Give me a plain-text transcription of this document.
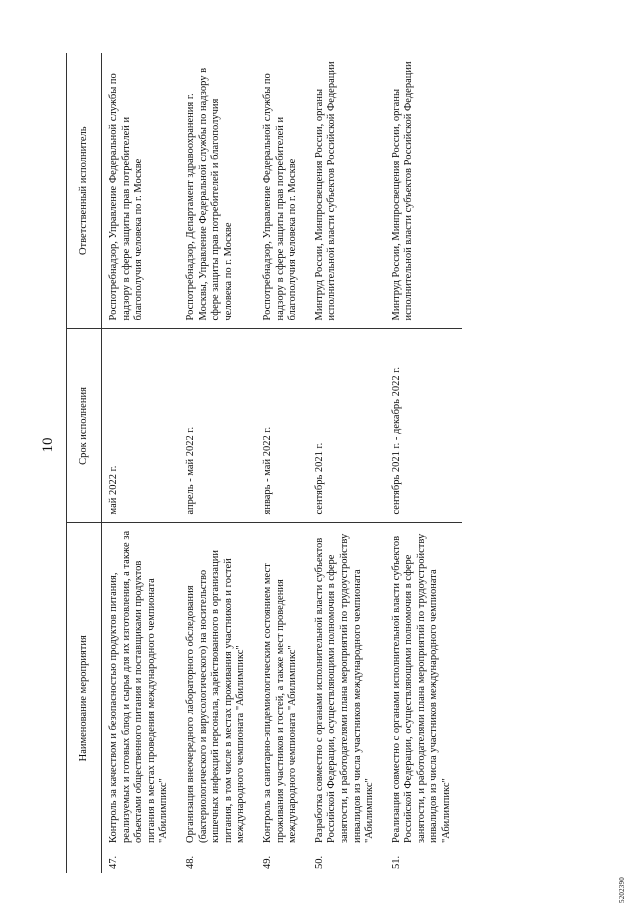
10
Наименование мероприятия	Срок исполнения	Ответственный исполнитель

47.
Контроль за качеством и безопасностью продуктов питания, реализуемых и готовых блюд и сырья для их изготовления, а также за объектами общественного питания и поставщиками продуктов питания в местах проведения международного чемпионата "Абилимпикс"	май 2022 г.	Роспотребнадзор, Управление Федеральной службы по надзору в сфере защиты прав потребителей и благополучия человека по г. Москве

48.
Организация внеочередного лабораторного обследования (бактериологического и вирусологического) на носительство кишечных инфекций персонала, задействованного в организации питания, в том числе в местах проживания участников и гостей международного чемпионата "Абилимпикс"	апрель - май 2022 г.	Роспотребнадзор, Департамент здравоохранения г. Москвы, Управление Федеральной службы по надзору в сфере защиты прав потребителей и благополучия человека по г. Москве

49.
Контроль за санитарно-эпидемиологическим состоянием мест проживания участников и гостей, а также мест проведения международного чемпионата "Абилимпикс"	январь - май 2022 г.	Роспотребнадзор, Управление Федеральной службы по надзору в сфере защиты прав потребителей и благополучия человека по г. Москве

50.
Разработка совместно с органами исполнительной власти субъектов Российской Федерации, осуществляющими полномочия в сфере занятости, и работодателями плана мероприятий по трудоустройству инвалидов из числа участников международного чемпионата "Абилимпикс"	сентябрь 2021 г.	Минтруд России, Минпросвещения России, органы исполнительной власти субъектов Российской Федерации

51.
Реализация совместно с органами исполнительной власти субъектов Российской Федерации, осуществляющими полномочия в сфере занятости, и работодателями плана мероприятий по трудоустройству инвалидов из числа участников международного чемпионата "Абилимпикс"	сентябрь 2021 г. - декабрь 2022 г.	Минтруд России, Минпросвещения России, органы исполнительной власти субъектов Российской Федерации
5202390
